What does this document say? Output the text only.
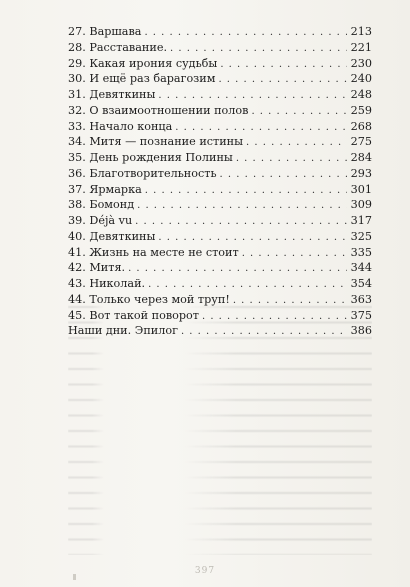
27. Варшава . . .	213
28. Расставание. . . .	221
29. Какая ирония судьбы . . .	230
30. И ещё раз барагозим . . .	240
31. Девяткины . . .	248
32. О взаимоотношении полов . . .	259
33. Начало конца . . .	268
34. Митя — познание истины . . .	275
35. День рождения Полины . . .	284
36. Благотворительность . . .	293
37. Ярмарка . . .	301
38. Бомонд . . .	309
39. Déjà vu . . .	317
40. Девяткины . . .	325
41. Жизнь на месте не стоит . . .	335
42. Митя. . . .	344
43. Николай. . . .	354
44. Только через мой труп! . . .	363
45. Вот такой поворот . . .	375
Наши дни. Эпилог . . .	386
397
